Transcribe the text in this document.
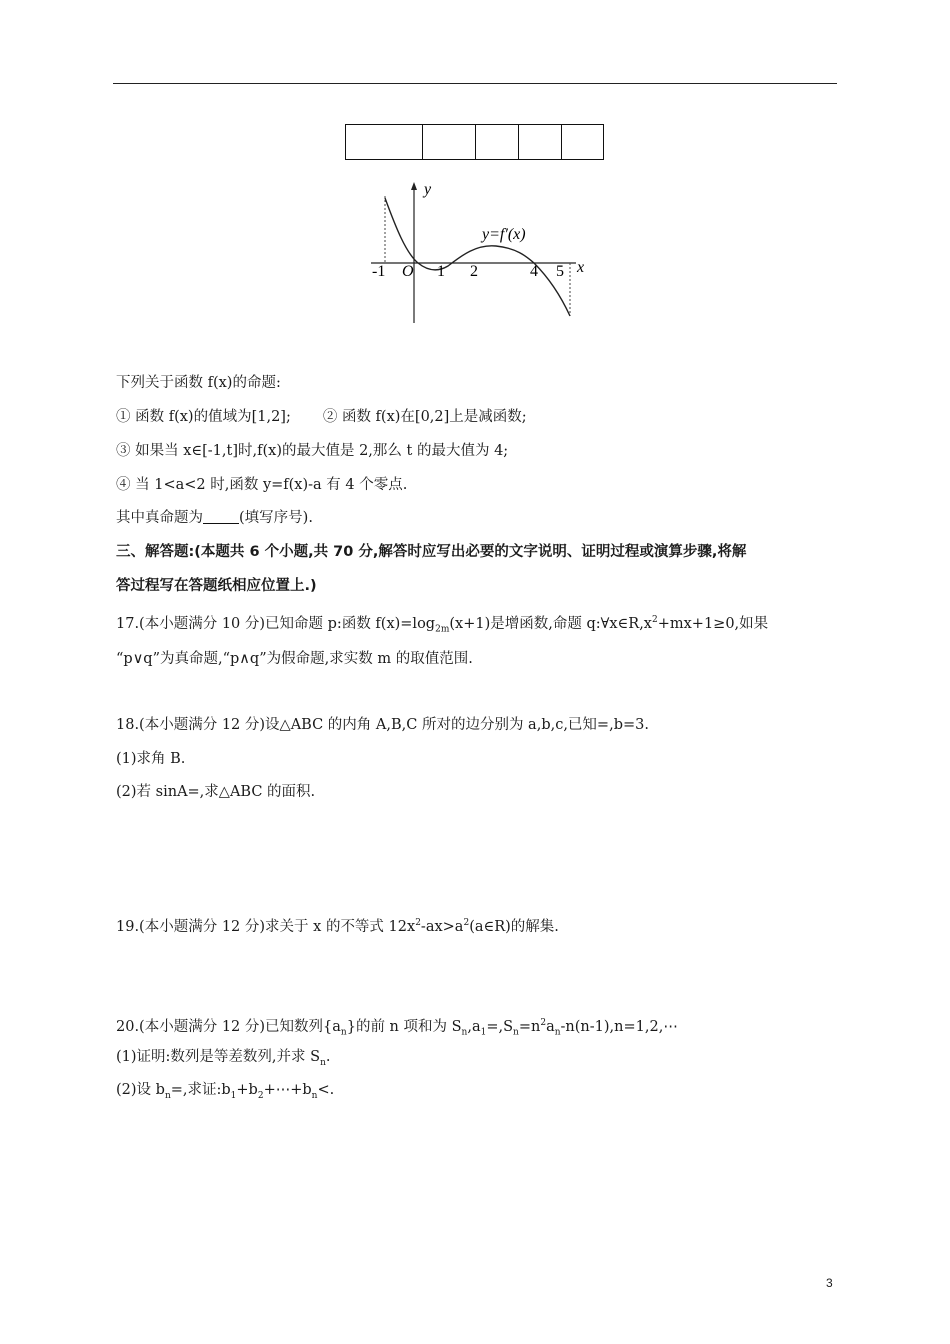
y
x
O
y=f′(x)
-1	1 2	4 5
下列关于函数 f(x)的命题:
① 函数 f(x)的值域为[1,2]; ② 函数 f(x)在[0,2]上是减函数;
③ 如果当 x∈[-1,t]时,f(x)的最大值是 2,那么 t 的最大值为 4;
④ 当 1<a<2 时,函数 y=f(x)-a 有 4 个零点.
其中真命题为 (填写序号).
三、解答题:(本题共 6 个小题,共 70 分,解答时应写出必要的文字说明、证明过程或演算步骤,将解
答过程写在答题纸相应位置上.)
17.(本小题满分 10 分)已知命题 p:函数 $f(x)=\log_{2m}(x+1)$是增函数,命题 $q:\forall x\in R,x^2+mx+1\ge 0$,如果
“p∨q”为真命题,“p∧q”为假命题,求实数 m 的取值范围.
18.(本小题满分 12 分)设△ABC 的内角 A,B,C 所对的边分别为 a,b,c,已知=,b=3.
(1)求角 B.
(2)若 sinA=,求△ABC 的面积.
19.(本小题满分 12 分)求关于 x 的不等式 $12x^2-ax>a^2(a\in R)$的解集.
20.(本小题满分 12 分)已知数列$\{a_n\}$的前 n 项和为 $S_n,a_1=,S_n=n^2a_n-n(n-1),n=1,2,\cdots$
(1)证明:数列是等差数列,并求 $S_n$.
(2)设 $b_n=$,求证$:b_1+b_2+\cdots+b_n<$.
3
